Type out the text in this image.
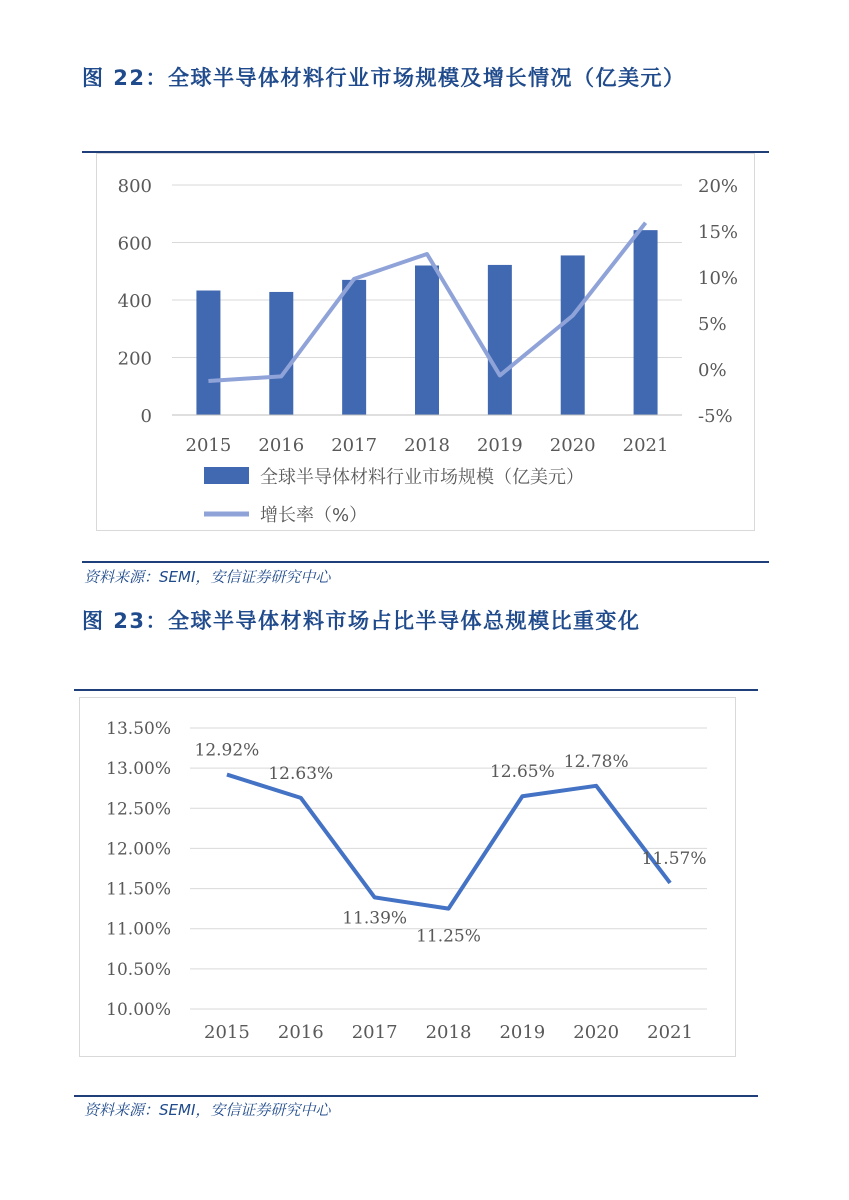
图 22：全球半导体材料行业市场规模及增长情况（亿美元）
0
200
400
600
800
-5%
0%
5%
10%
15%
20%
2015 2016 2017 2018 2019 2020 2021
全球半导体材料行业市场规模（亿美元）
增长率（%）
资料来源：SEMI，安信证券研究中心
图 23：全球半导体材料市场占比半导体总规模比重变化
10.00%
10.50%
11.00%
11.50%
12.00%
12.50%
13.00%
13.50%
12.92%
12.63%
11.39%
11.25%
12.65%
12.78%
11.57%
2015 2016 2017 2018 2019 2020 2021
资料来源：SEMI，安信证券研究中心
